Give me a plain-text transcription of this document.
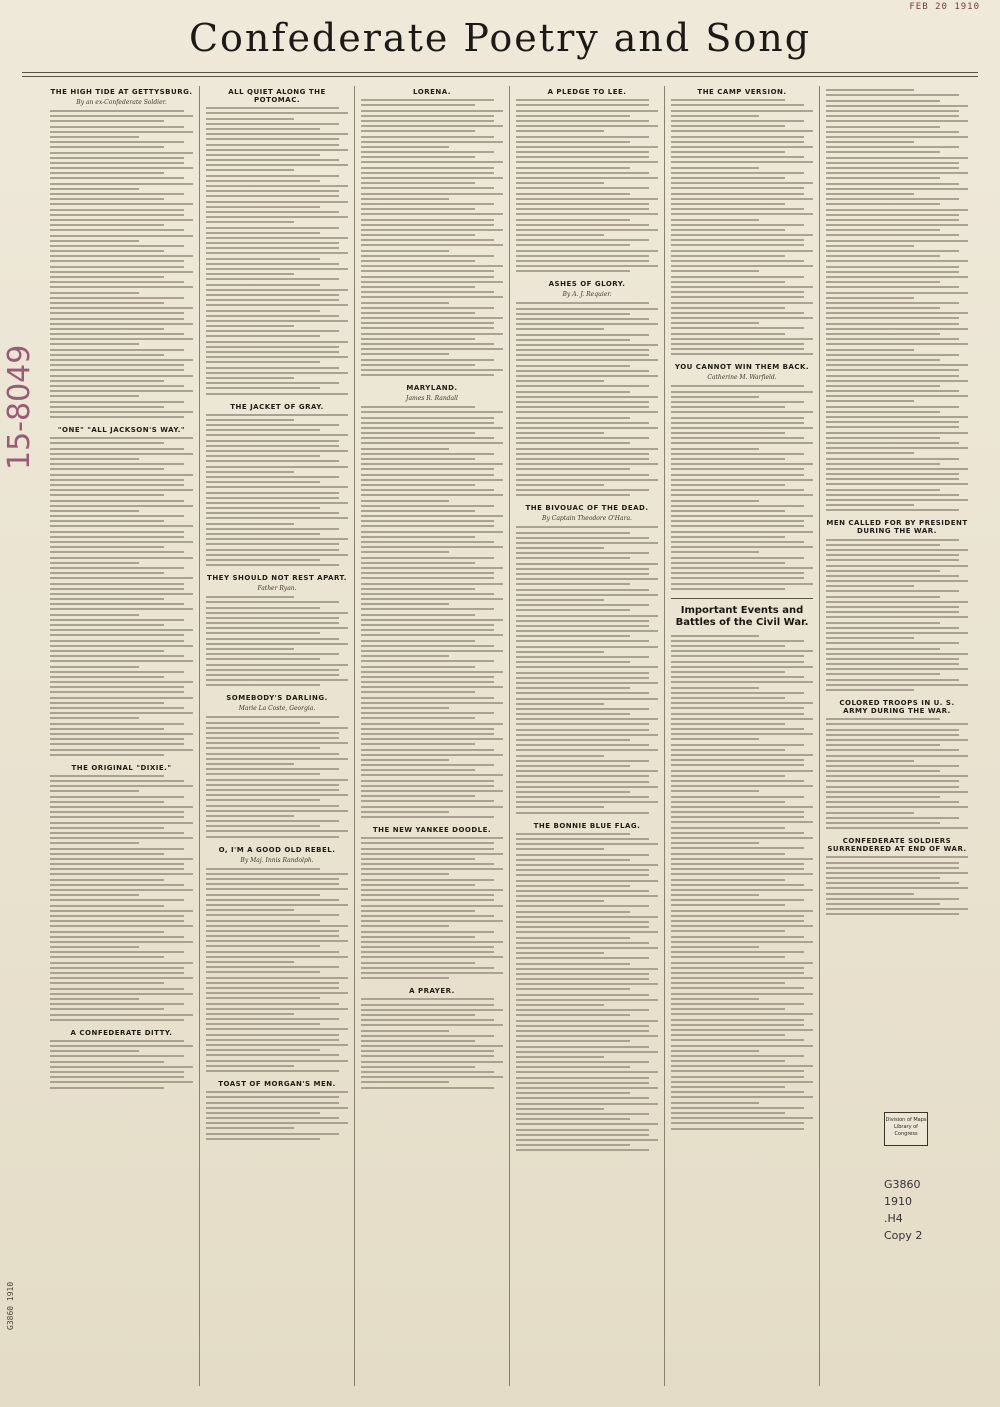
FEB 20 1910
Confederate Poetry and Song
THE HIGH TIDE AT GETTYSBURG.
By an ex-Confederate Soldier.
"ONE" "ALL JACKSON'S WAY."
THE ORIGINAL "DIXIE."
A CONFEDERATE DITTY.
ALL QUIET ALONG THE POTOMAC.
THE JACKET OF GRAY.
THEY SHOULD NOT REST APART.
Father Ryan.
SOMEBODY'S DARLING.
Marie La Coste, Georgia.
O, I'M A GOOD OLD REBEL.
By Maj. Innis Randolph.
TOAST OF MORGAN'S MEN.
LORENA.
MARYLAND.
James R. Randall
THE NEW YANKEE DOODLE.
A PRAYER.
A PLEDGE TO LEE.
ASHES OF GLORY.
By A. J. Requier.
THE BIVOUAC OF THE DEAD.
By Captain Theodore O'Hara.
THE BONNIE BLUE FLAG.
THE CAMP VERSION.
YOU CANNOT WIN THEM BACK.
Catherine M. Warfield.
Important Events and Battles of the Civil War.
MEN CALLED FOR BY PRESIDENT DURING THE WAR.
COLORED TROOPS IN U. S. ARMY DURING THE WAR.
CONFEDERATE SOLDIERS SURRENDERED AT END OF WAR.
15-8049
Division of Maps
Library of Congress
G3860
1910
.H4
Copy 2
G3860 1910
